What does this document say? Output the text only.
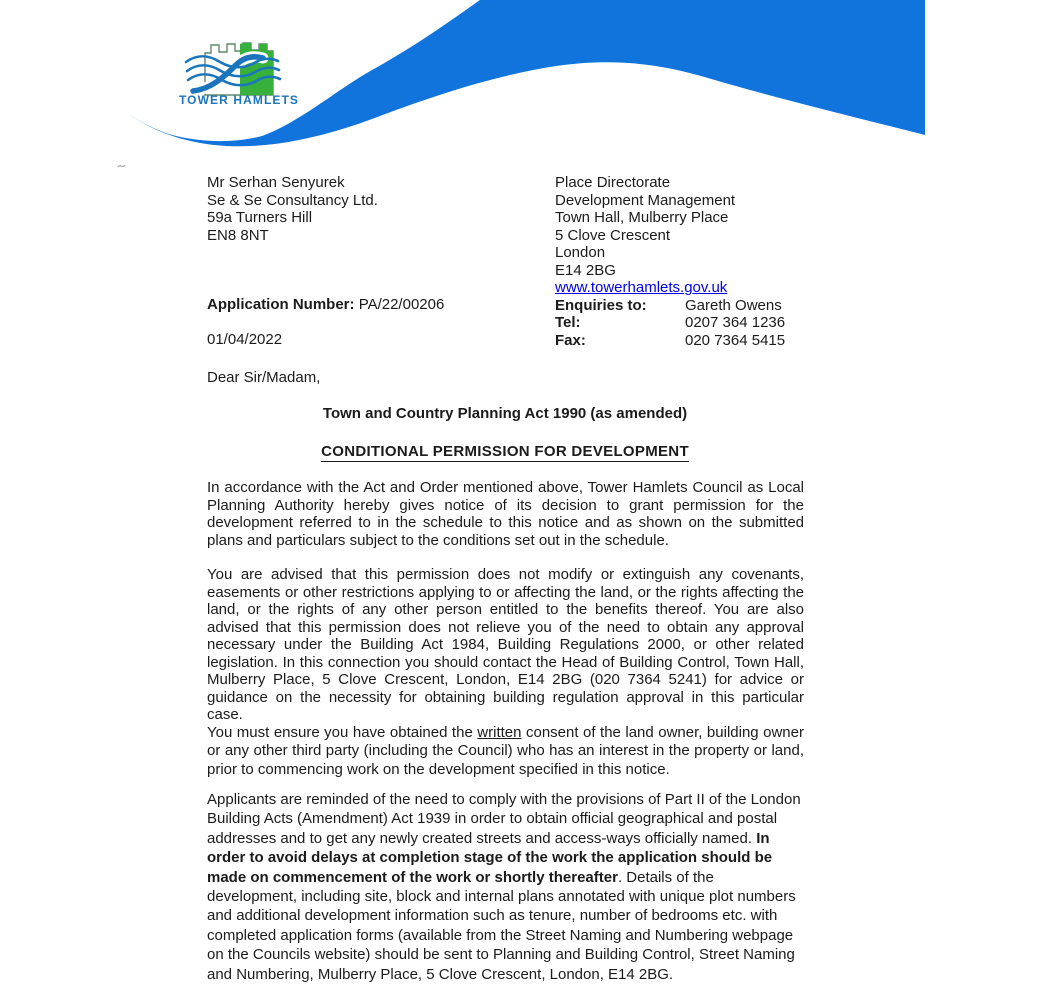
TOWER HAMLETS
~
Mr Serhan Senyurek
Se & Se Consultancy Ltd.
59a Turners Hill
EN8 8NT
Application Number: PA/22/00206
01/04/2022
Place Directorate
Development Management
Town Hall, Mulberry Place
5 Clove Crescent
London
E14 2BG
www.towerhamlets.gov.uk
Enquiries to:	Gareth Owens
Tel:	0207 364 1236
Fax:	020 7364 5415
Dear Sir/Madam,
Town and Country Planning Act 1990 (as amended)
CONDITIONAL PERMISSION FOR DEVELOPMENT
In accordance with the Act and Order mentioned above, Tower Hamlets Council as Local Planning Authority hereby gives notice of its decision to grant permission for the development referred to in the schedule to this notice and as shown on the submitted plans and particulars subject to the conditions set out in the schedule.
You are advised that this permission does not modify or extinguish any covenants, easements or other restrictions applying to or affecting the land, or the rights affecting the land, or the rights of any other person entitled to the benefits thereof. You are also advised that this permission does not relieve you of the need to obtain any approval necessary under the Building Act 1984, Building Regulations 2000, or other related legislation. In this connection you should contact the Head of Building Control, Town Hall, Mulberry Place, 5 Clove Crescent, London, E14 2BG (020 7364 5241) for advice or guidance on the necessity for obtaining building regulation approval in this particular case.
You must ensure you have obtained the written consent of the land owner, building owner or any other third party (including the Council) who has an interest in the property or land, prior to commencing work on the development specified in this notice.
Applicants are reminded of the need to comply with the provisions of Part II of the London Building Acts (Amendment) Act 1939 in order to obtain official geographical and postal addresses and to get any newly created streets and access-ways officially named. In order to avoid delays at completion stage of the work the application should be made on commencement of the work or shortly thereafter. Details of the development, including site, block and internal plans annotated with unique plot numbers and additional development information such as tenure, number of bedrooms etc. with completed application forms (available from the Street Naming and Numbering webpage on the Councils website) should be sent to Planning and Building Control, Street Naming and Numbering, Mulberry Place, 5 Clove Crescent, London, E14 2BG.
